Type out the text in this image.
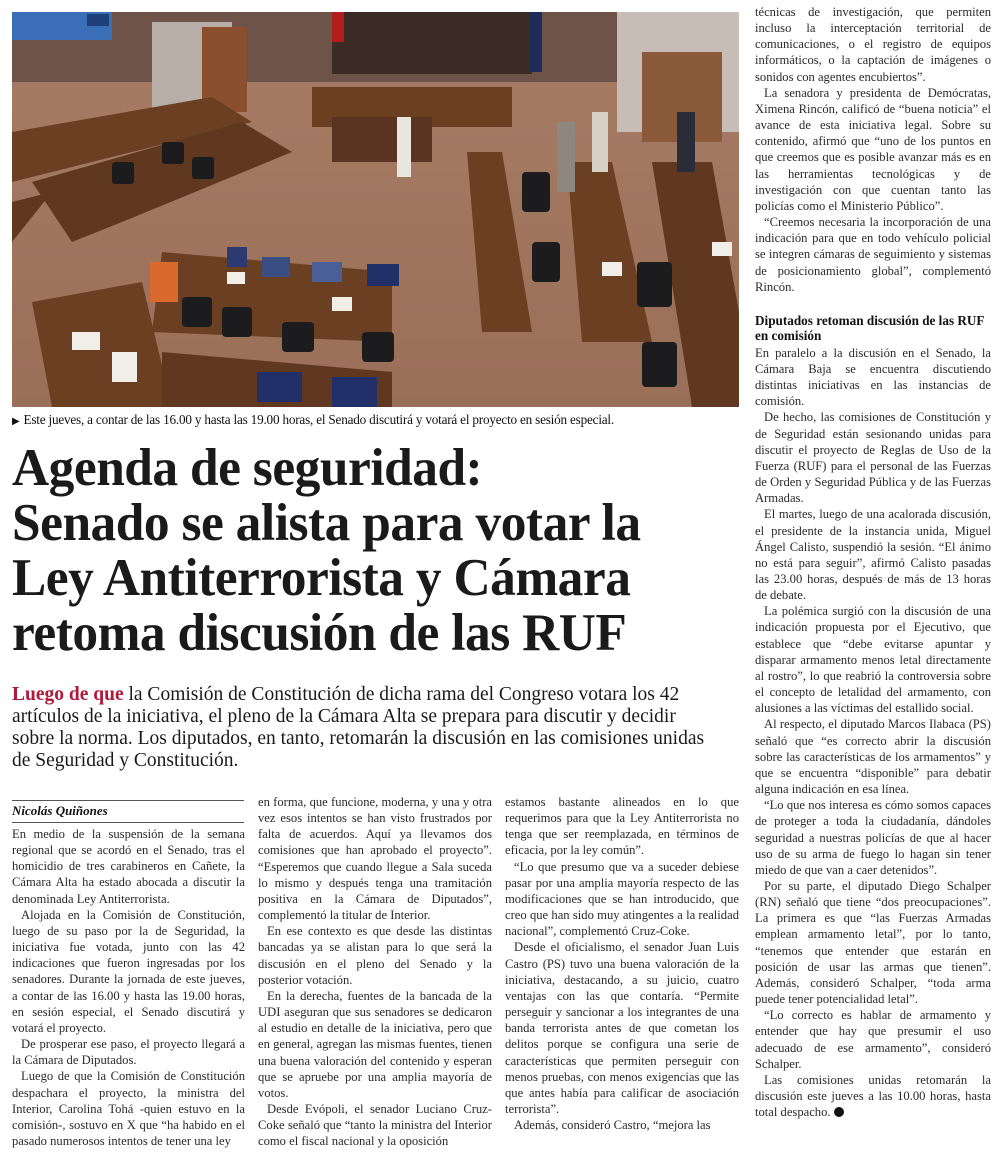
▶ Este jueves, a contar de las 16.00 y hasta las 19.00 horas, el Senado discutirá y votará el proyecto en sesión especial.
Agenda de seguridad:
Senado se alista para votar la
Ley Antiterrorista y Cámara
retoma discusión de las RUF

Luego de que la Comisión de Constitución de dicha rama del Congreso votara los 42 artículos de la iniciativa, el pleno de la Cámara Alta se prepara para discutir y decidir sobre la norma. Los diputados, en tanto, retomarán la discusión en las comisiones unidas de Seguridad y Constitución.

Nicolás Quiñones

En medio de la suspensión de la semana regional que se acordó en el Senado, tras el homicidio de tres carabineros en Cañete, la Cámara Alta ha estado abocada a discutir la denominada Ley Antiterrorista.

Alojada en la Comisión de Constitución, luego de su paso por la de Seguridad, la iniciativa fue votada, junto con las 42 indicaciones que fueron ingresadas por los senadores. Durante la jornada de este jueves, a contar de las 16.00 y hasta las 19.00 horas, en sesión especial, el Senado discutirá y votará el proyecto.

De prosperar ese paso, el proyecto llegará a la Cámara de Diputados.

Luego de que la Comisión de Constitución despachara el proyecto, la ministra del Interior, Carolina Tohá -quien estuvo en la comisión-, sostuvo en X que “ha habido en el pasado numerosos intentos de tener una ley

en forma, que funcione, moderna, y una y otra vez esos intentos se han visto frustrados por falta de acuerdos. Aquí ya llevamos dos comisiones que han aprobado el proyecto”. “Esperemos que cuando llegue a Sala suceda lo mismo y después tenga una tramitación positiva en la Cámara de Diputados”, complementó la titular de Interior.

En ese contexto es que desde las distintas bancadas ya se alistan para lo que será la discusión en el pleno del Senado y la posterior votación.

En la derecha, fuentes de la bancada de la UDI aseguran que sus senadores se dedicaron al estudio en detalle de la iniciativa, pero que en general, agregan las mismas fuentes, tienen una buena valoración del contenido y esperan que se apruebe por una amplia mayoría de votos.

Desde Evópoli, el senador Luciano Cruz-Coke señaló que “tanto la ministra del Interior como el fiscal nacional y la oposición

estamos bastante alineados en lo que requerimos para que la Ley Antiterrorista no tenga que ser reemplazada, en términos de eficacia, por la ley común”.

“Lo que presumo que va a suceder debiese pasar por una amplia mayoría respecto de las modificaciones que se han introducido, que creo que han sido muy atingentes a la realidad nacional”, complementó Cruz-Coke.

Desde el oficialismo, el senador Juan Luis Castro (PS) tuvo una buena valoración de la iniciativa, destacando, a su juicio, cuatro ventajas con las que contaría. “Permite perseguir y sancionar a los integrantes de una banda terrorista antes de que cometan los delitos porque se configura una serie de características que permiten perseguir con menos pruebas, con menos exigencias que las que antes había para calificar de asociación terrorista”.

Además, consideró Castro, “mejora las

técnicas de investigación, que permiten incluso la interceptación territorial de comunicaciones, o el registro de equipos informáticos, o la captación de imágenes o sonidos con agentes encubiertos”.

La senadora y presidenta de Demócratas, Ximena Rincón, calificó de “buena noticia” el avance de esta iniciativa legal. Sobre su contenido, afirmó que “uno de los puntos en que creemos que es posible avanzar más es en las herramientas tecnológicas y de investigación con que cuentan tanto las policías como el Ministerio Público”.

“Creemos necesaria la incorporación de una indicación para que en todo vehículo policial se integren cámaras de seguimiento y sistemas de posicionamiento global”, complementó Rincón.

Diputados retoman discusión de las RUF en comisión

En paralelo a la discusión en el Senado, la Cámara Baja se encuentra discutiendo distintas iniciativas en las instancias de comisión.

De hecho, las comisiones de Constitución y de Seguridad están sesionando unidas para discutir el proyecto de Reglas de Uso de la Fuerza (RUF) para el personal de las Fuerzas de Orden y Seguridad Pública y de las Fuerzas Armadas.

El martes, luego de una acalorada discusión, el presidente de la instancia unida, Miguel Ángel Calisto, suspendió la sesión. “El ánimo no está para seguir”, afirmó Calisto pasadas las 23.00 horas, después de más de 13 horas de debate.

La polémica surgió con la discusión de una indicación propuesta por el Ejecutivo, que establece que “debe evitarse apuntar y disparar armamento menos letal directamente al rostro”, lo que reabrió la controversia sobre el concepto de letalidad del armamento, con alusiones a las víctimas del estallido social.

Al respecto, el diputado Marcos Ilabaca (PS) señaló que “es correcto abrir la discusión sobre las características de los armamentos” y que se encuentra “disponible” para debatir alguna indicación en esa línea.

“Lo que nos interesa es cómo somos capaces de proteger a toda la ciudadanía, dándoles seguridad a nuestras policías de que al hacer uso de su arma de fuego lo hagan sin tener miedo de que van a caer detenidos”.

Por su parte, el diputado Diego Schalper (RN) señaló que tiene “dos preocupaciones”. La primera es que “las Fuerzas Armadas emplean armamento letal”, por lo tanto, “tenemos que entender que estarán en posición de usar las armas que tienen”. Además, consideró Schalper, “toda arma puede tener potencialidad letal”.

“Lo correcto es hablar de armamento y entender que hay que presumir el uso adecuado de ese armamento”, consideró Schalper.

Las comisiones unidas retomarán la discusión este jueves a las 10.00 horas, hasta total despacho.
